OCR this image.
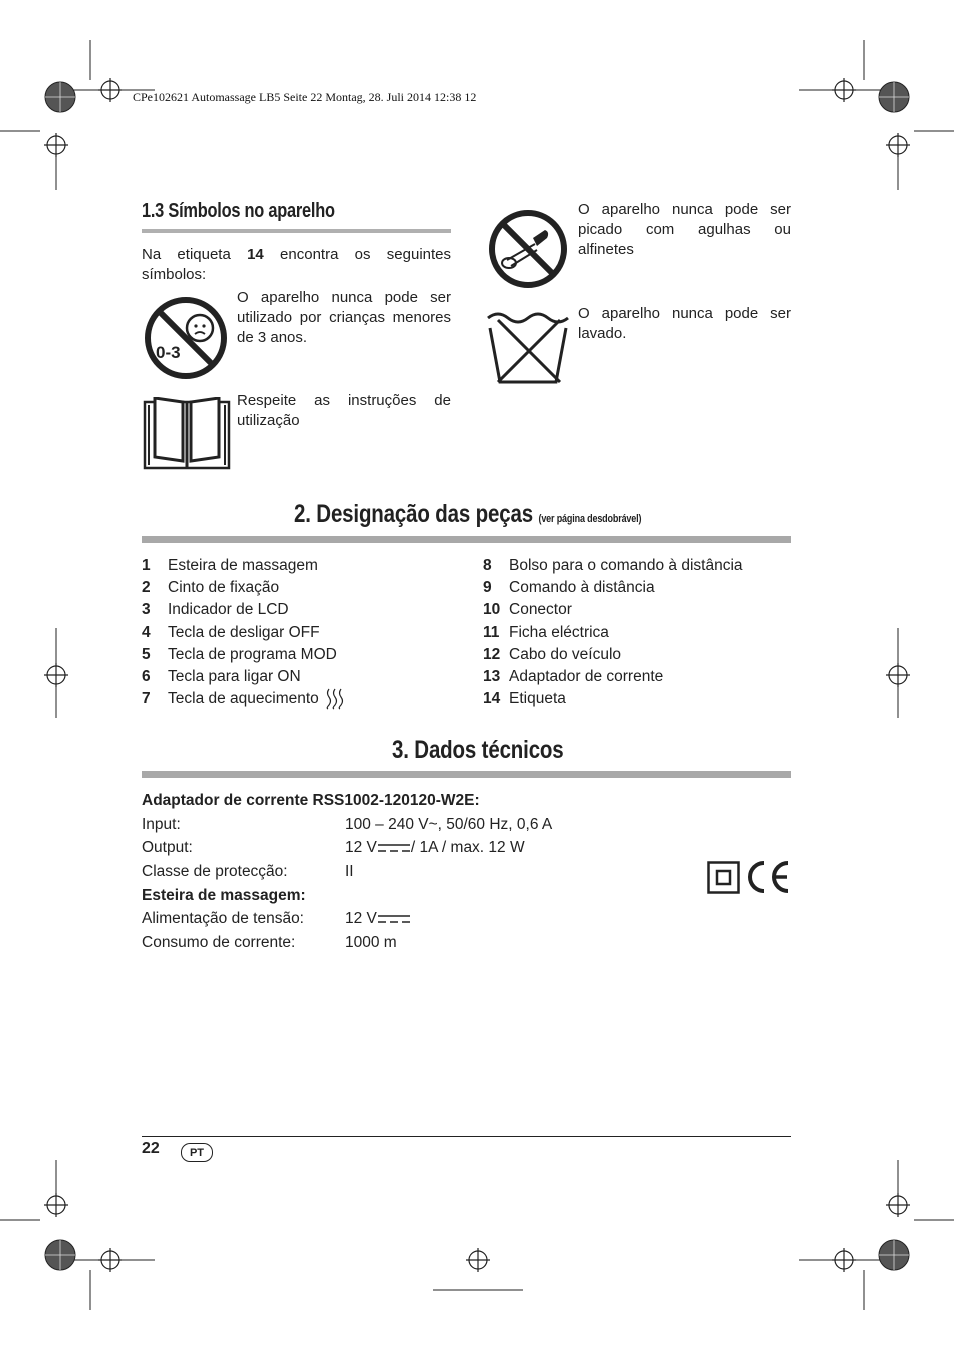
CPe102621 Automassage LB5 Seite 22 Montag, 28. Juli 2014 12:38 12
1.3 Símbolos no aparelho
Na etiqueta 14 encontra os seguintes símbolos:
0-3
O aparelho nunca pode ser utilizado por crianças menores de 3 anos.
Respeite as instruções de utilização
O aparelho nunca pode ser picado com agulhas ou alfinetes
O aparelho nunca pode ser lavado.
2. Designação das peças (ver página desdobrável)
1	Esteira de massagem
2	Cinto de fixação
3	Indicador de LCD
4	Tecla de desligar OFF
5	Tecla de programa MOD
6	Tecla para ligar ON
7	Tecla de aquecimento
8	Bolso para o comando à distância
9	Comando à distância
10 Conector
11 Ficha eléctrica
12 Cabo do veículo
13 Adaptador de corrente
14 Etiqueta
3. Dados técnicos
Adaptador de corrente RSS1002-120120-W2E:
Input:	100 – 240 V~, 50/60 Hz, 0,6 A
Output:	12 V / 1A / max. 12 W
Classe de protecção:	II
Esteira de massagem:
Alimentação de tensão:	12 V
Consumo de corrente:	1000 m
22	PT
